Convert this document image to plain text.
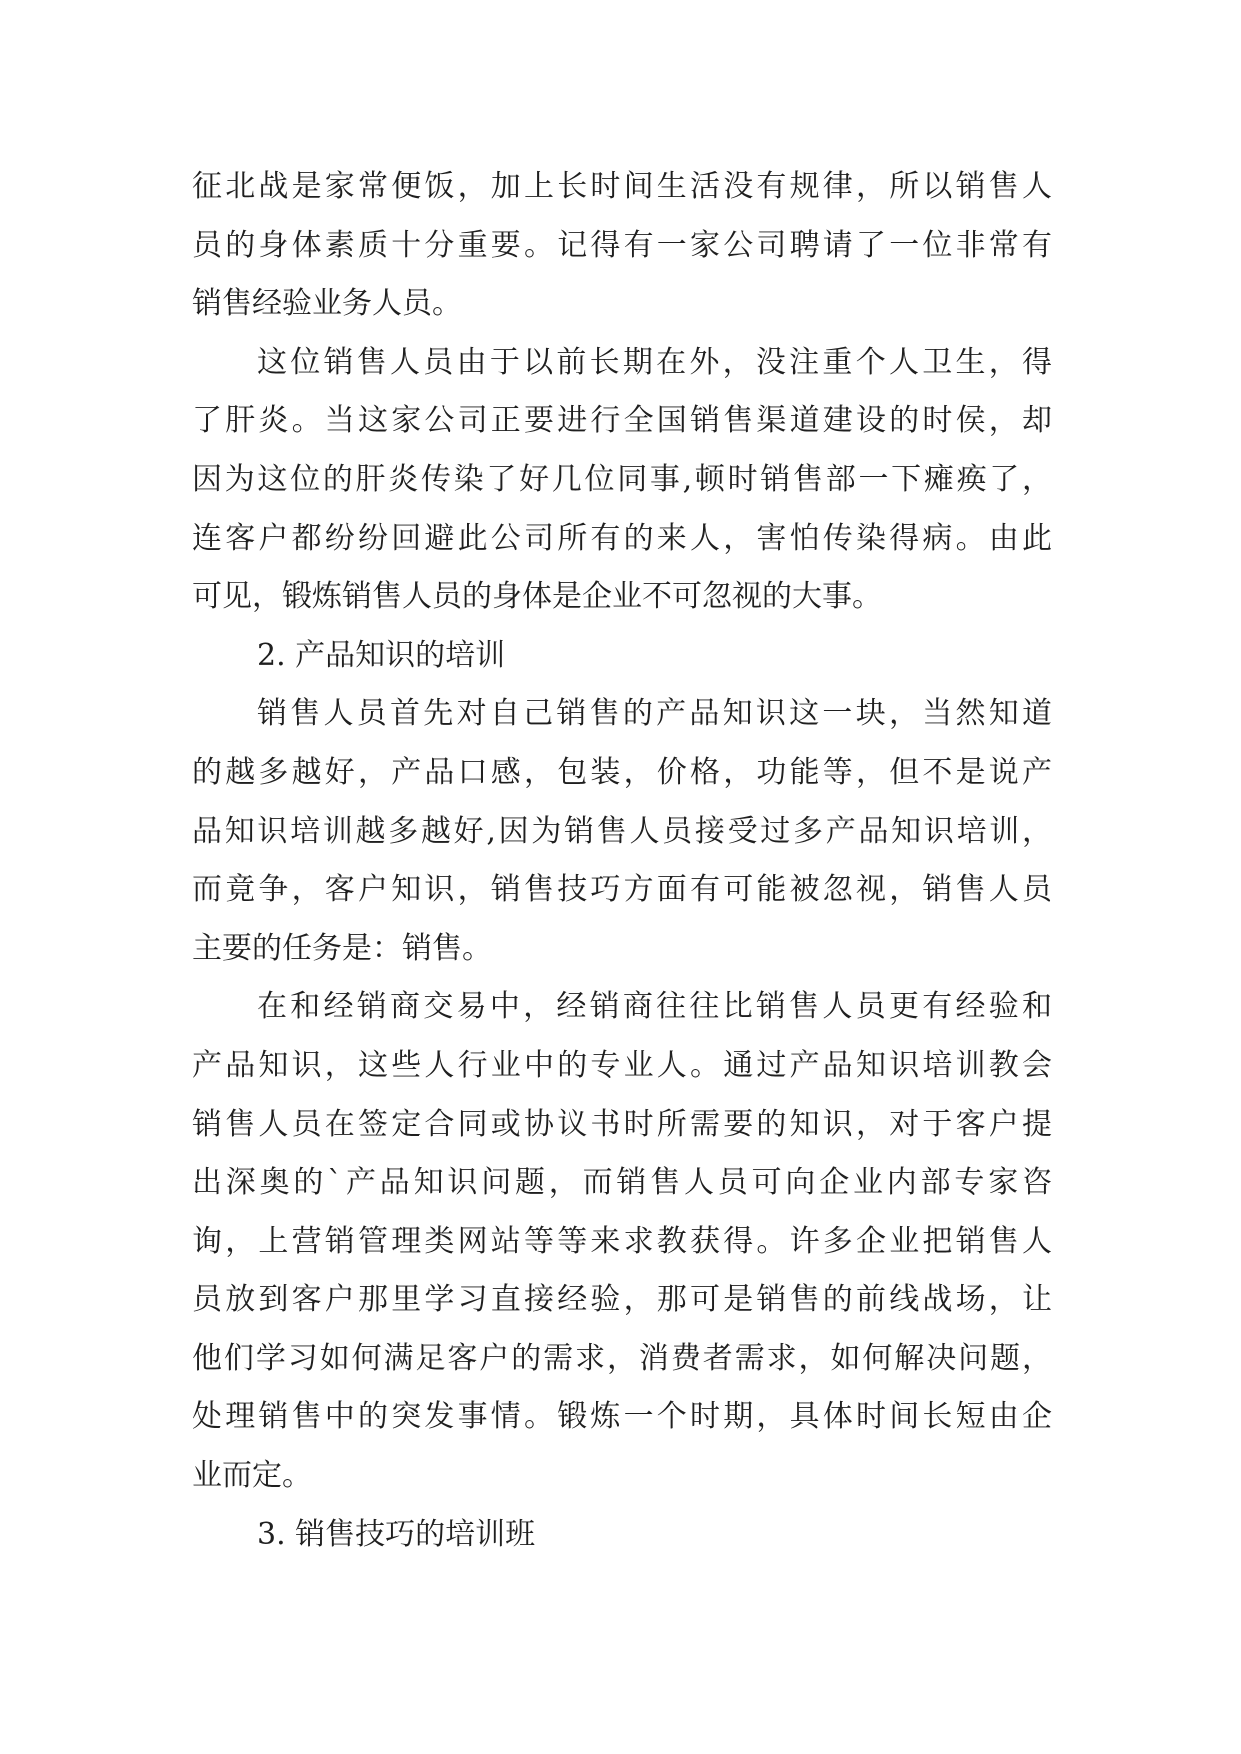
征北战是家常便饭，加上长时间生活没有规律，所以销售人
员的身体素质十分重要。记得有一家公司聘请了一位非常有
销售经验业务人员。
这位销售人员由于以前长期在外，没注重个人卫生，得
了肝炎。当这家公司正要进行全国销售渠道建设的时侯，却
因为这位的肝炎传染了好几位同事,顿时销售部一下瘫痪了，
连客户都纷纷回避此公司所有的来人，害怕传染得病。由此
可见，锻炼销售人员的身体是企业不可忽视的大事。
2. 产品知识的培训
销售人员首先对自己销售的产品知识这一块，当然知道
的越多越好，产品口感，包装，价格，功能等，但不是说产
品知识培训越多越好,因为销售人员接受过多产品知识培训，
而竟争，客户知识，销售技巧方面有可能被忽视，销售人员
主要的任务是：销售。
在和经销商交易中，经销商往往比销售人员更有经验和
产品知识，这些人行业中的专业人。通过产品知识培训教会
销售人员在签定合同或协议书时所需要的知识，对于客户提
出深奥的`产品知识问题，而销售人员可向企业内部专家咨
询，上营销管理类网站等等来求教获得。许多企业把销售人
员放到客户那里学习直接经验，那可是销售的前线战场，让
他们学习如何满足客户的需求，消费者需求，如何解决问题，
处理销售中的突发事情。锻炼一个时期，具体时间长短由企
业而定。
3. 销售技巧的培训班
